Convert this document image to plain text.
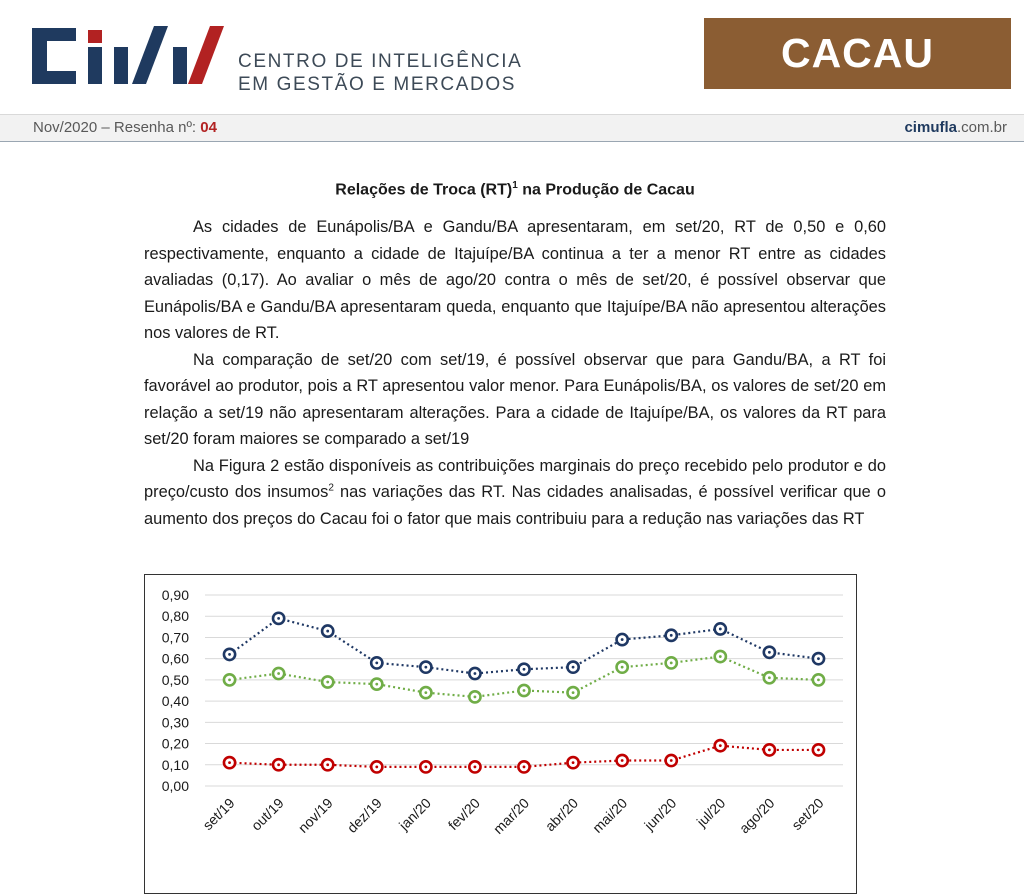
CENTRO DE INTELIGÊNCIA
EM GESTÃO E MERCADOS
CACAU
Nov/2020 – Resenha nº: 04	cimufla.com.br
Relações de Troca (RT)$^1$ na Produção de Cacau

As cidades de Eunápolis/BA e Gandu/BA apresentaram, em set/20, RT de 0,50 e 0,60 respectivamente, enquanto a cidade de Itajuípe/BA continua a ter a menor RT entre as cidades avaliadas (0,17). Ao avaliar o mês de ago/20 contra o mês de set/20, é possível observar que Eunápolis/BA e Gandu/BA apresentaram queda, enquanto que Itajuípe/BA não apresentou alterações nos valores de RT.

Na comparação de set/20 com set/19, é possível observar que para Gandu/BA, a RT foi favorável ao produtor, pois a RT apresentou valor menor. Para Eunápolis/BA, os valores de set/20 em relação a set/19 não apresentaram alterações. Para a cidade de Itajuípe/BA, os valores da RT para set/20 foram maiores se comparado a set/19

Na Figura 2 estão disponíveis as contribuições marginais do preço recebido pelo produtor e do preço/custo dos insumos$^2$ nas variações das RT. Nas cidades analisadas, é possível verificar que o aumento dos preços do Cacau foi o fator que mais contribuiu para a redução nas variações das RT

0,00
0,10
0,20
0,30
0,40
0,50
0,60
0,70
0,80
0,90
set/19 out/19 nov/19 dez/19 jan/20 fev/20 mar/20 abr/20 mai/20 jun/20 jul/20 ago/20 set/20
